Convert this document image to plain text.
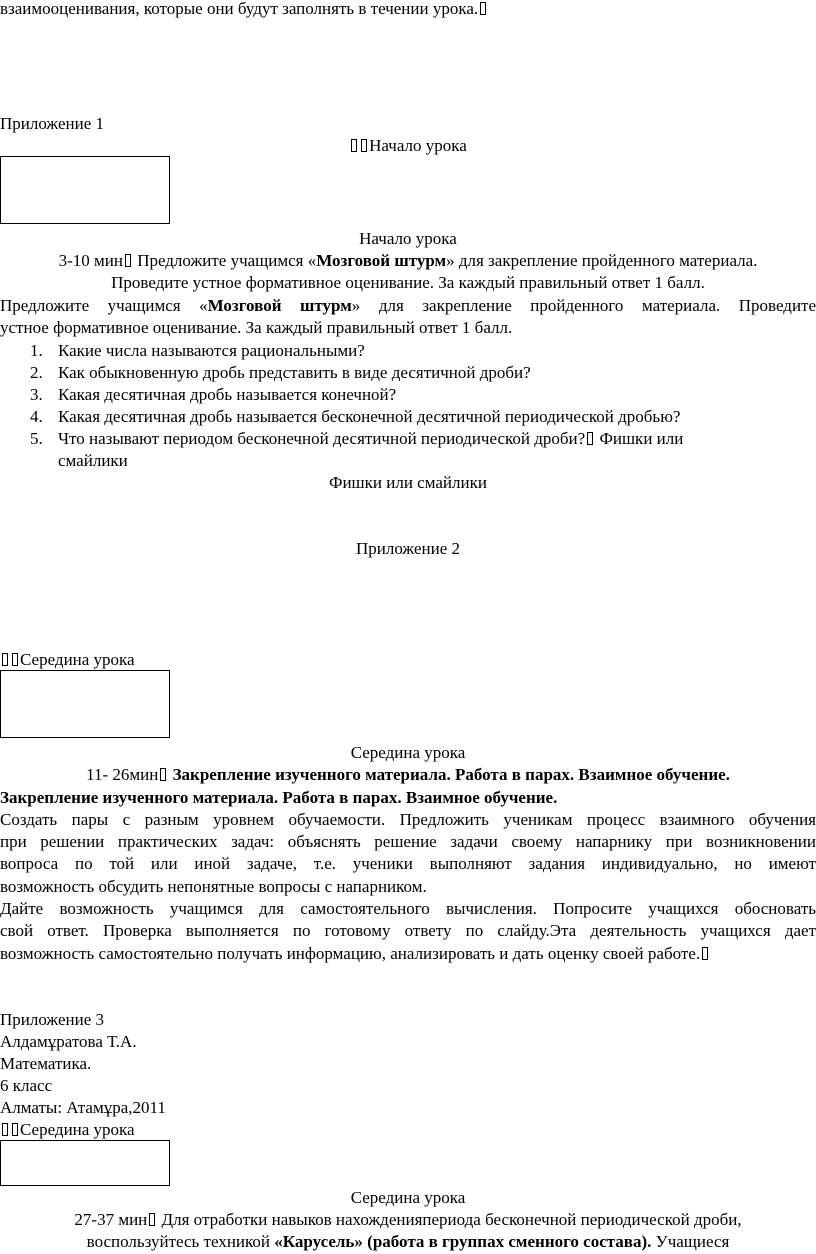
взаимооценивания, которые они будут заполнять в течении урока.
Приложение 1
Начало урока
Начало урока
3-10 мин Предложите учащимся «Мозговой штурм» для закрепление пройденного материала.
Проведите устное формативное оценивание. За каждый правильный ответ 1 балл.
Предложите учащимся «Мозговой штурм» для закрепление пройденного материала. Проведите
устное формативное оценивание. За каждый правильный ответ 1 балл.
1. Какие числа называются рациональными?
2. Как обыкновенную дробь представить в виде десятичной дроби?
3. Какая десятичная дробь называется конечной?
4. Какая десятичная дробь называется бесконечной десятичной периодической дробью?
5. Что называют периодом бесконечной десятичной периодической дроби? Фишки или
смайлики
Фишки или смайлики
Приложение 2
Середина урока
Середина урока
11- 26мин Закрепление изученного материала. Работа в парах. Взаимное обучение.
Закрепление изученного материала. Работа в парах. Взаимное обучение.
Создать пары с разным уровнем обучаемости. Предложить ученикам процесс взаимного обучения
при решении практических задач: объяснять решение задачи своему напарнику при возникновении
вопроса по той или иной задаче, т.е. ученики выполняют задания индивидуально, но имеют
возможность обсудить непонятные вопросы с напарником.
Дайте возможность учащимся для самостоятельного вычисления. Попросите учащихся обосновать
свой ответ. Проверка выполняется по готовому ответу по слайду.Эта деятельность учащихся дает
возможность самостоятельно получать информацию, анализировать и дать оценку своей работе.
Приложение 3
Алдамұратова Т.А.
Математика.
6 класс
Алматы: Атамұра,2011
Середина урока
Середина урока
27-37 мин Для отработки навыков нахожденияпериода бесконечной периодической дроби,
воспользуйтесь техникой «Карусель» (работа в группах сменного состава). Учащиеся
